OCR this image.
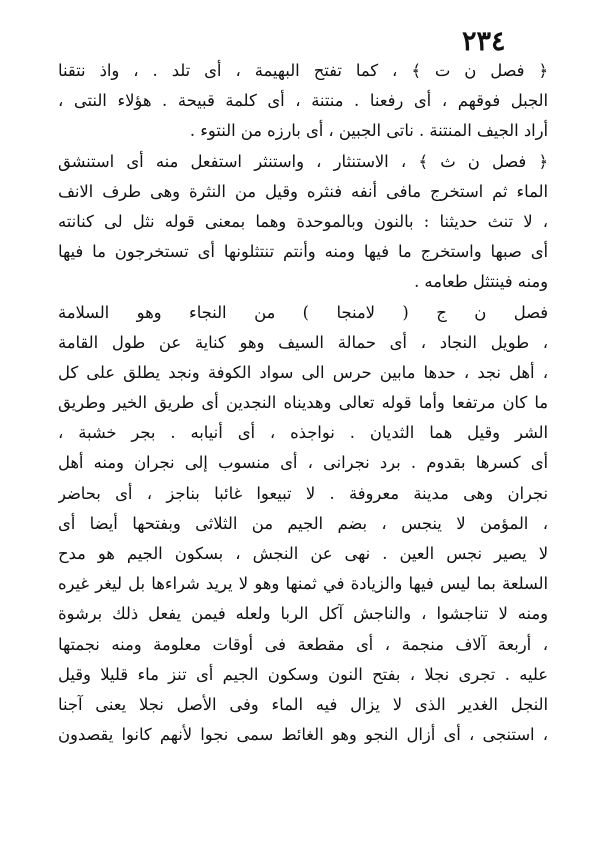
٢٣٤
﴿ فصل ن ت ﴾ ، كما تفتح البهيمة ، أى تلد . ، واذ نتقنا
الجبل فوقهم ، أى رفعنا . منتنة ، أى كلمة قبيحة . هؤلاء النتى ،
أراد الجيف المنتنة . ناتى الجبين ، أى بارزه من النتوء .
﴿ فصل ن ث ﴾ ، الاستنثار ، واستنثر استفعل منه أى استنشق
الماء ثم استخرج مافى أنفه فنثره وقيل من النثرة وهى طرف الانف
، لا تنث حديثنا : بالنون وبالموحدة وهما بمعنى قوله نثل لى كنانته
أى صبها واستخرج ما فيها ومنه وأنتم تنتثلونها أى تستخرجون ما فيها
ومنه فينتثل طعامه .
فصل ن ج ( لامنجا ) من النجاء وهو السلامة
، طويل النجاد ، أى حمالة السيف وهو كناية عن طول القامة
، أهل نجد ، حدها مابين حرس الى سواد الكوفة ونجد يطلق على كل
ما كان مرتفعا وأما قوله تعالى وهديناه النجدين أى طريق الخير وطريق
الشر وقيل هما الثديان . نواجذه ، أى أنيابه . بجر خشبة ،
أى كسرها بقدوم . برد نجرانى ، أى منسوب إلى نجران ومنه أهل
نجران وهى مدينة معروفة . لا تبيعوا غائبا بناجز ، أى بحاضر
، المؤمن لا ينجس ، بضم الجيم من الثلاثى وبفتحها أيضا أى
لا يصير نجس العين . نهى عن النجش ، بسكون الجيم هو مدح
السلعة بما ليس فيها والزيادة في ثمنها وهو لا يريد شراءها بل ليغر غيره
ومنه لا تناجشوا ، والناجش آكل الربا ولعله فيمن يفعل ذلك برشوة
، أربعة آلاف منجمة ، أى مقطعة فى أوقات معلومة ومنه نجمتها
عليه . تجرى نجلا ، بفتح النون وسكون الجيم أى تنز ماء قليلا وقيل
النجل الغدير الذى لا يزال فيه الماء وفى الأصل نجلا يعنى آجنا
، استنجى ، أى أزال النجو وهو الغائط سمى نجوا لأنهم كانوا يقصدون
